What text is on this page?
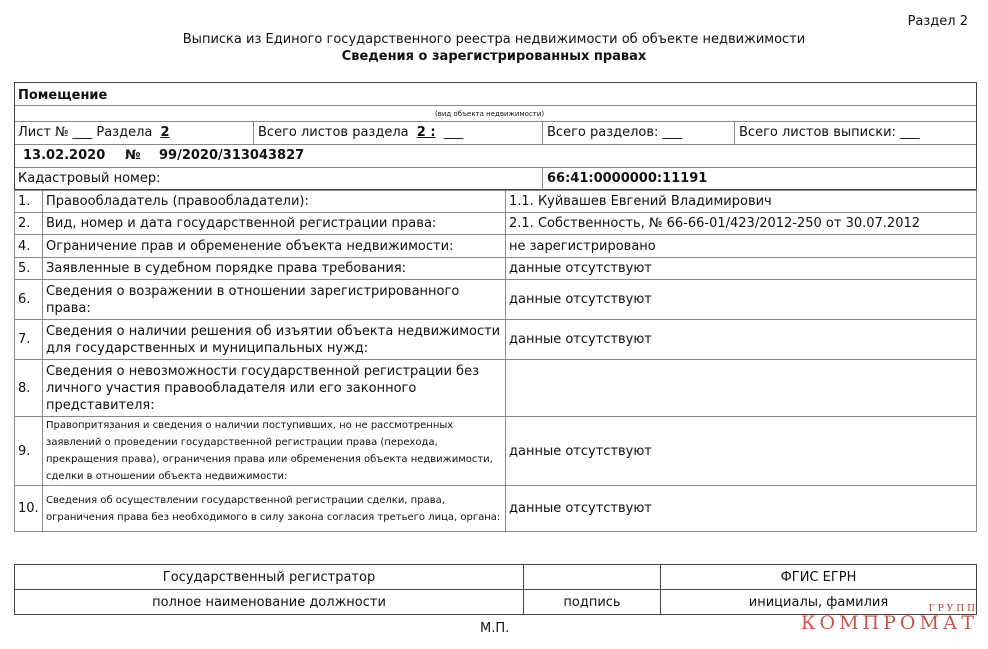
Раздел 2
Выписка из Единого государственного реестра недвижимости об объекте недвижимости
Сведения о зарегистрированных правах
Помещение
(вид объекта недвижимости)
Лист № ___ Раздела 2	Всего листов раздела 2 : ___	Всего разделов: ___	Всего листов выписки: ___
13.02.2020 № 99/2020/313043827
Кадастровый номер:	66:41:0000000:11191
1.	Правообладатель (правообладатели):	1.1. Куйвашев Евгений Владимирович
2.	Вид, номер и дата государственной регистрации права:	2.1. Собственность, № 66-66-01/423/2012-250 от 30.07.2012
4.	Ограничение прав и обременение объекта недвижимости:	не зарегистрировано
5.	Заявленные в судебном порядке права требования:	данные отсутствуют
6.	Сведения о возражении в отношении зарегистрированного права:	данные отсутствуют
7.	Сведения о наличии решения об изъятии объекта недвижимости для государственных и муниципальных нужд:	данные отсутствуют
8.	Сведения о невозможности государственной регистрации без личного участия правообладателя или его законного представителя:	
9.	Правопритязания и сведения о наличии поступивших, но не рассмотренных заявлений о проведении государственной регистрации права (перехода, прекращения права), ограничения права или обременения объекта недвижимости, сделки в отношении объекта недвижимости:	данные отсутствуют
10.	Сведения об осуществлении государственной регистрации сделки, права, ограничения права без необходимого в силу закона согласия третьего лица, органа:	данные отсутствуют
Государственный регистратор		ФГИС ЕГРН
полное наименование должности	подпись	инициалы, фамилия
М.П.
ГРУПП
КОМПРОМАТ
